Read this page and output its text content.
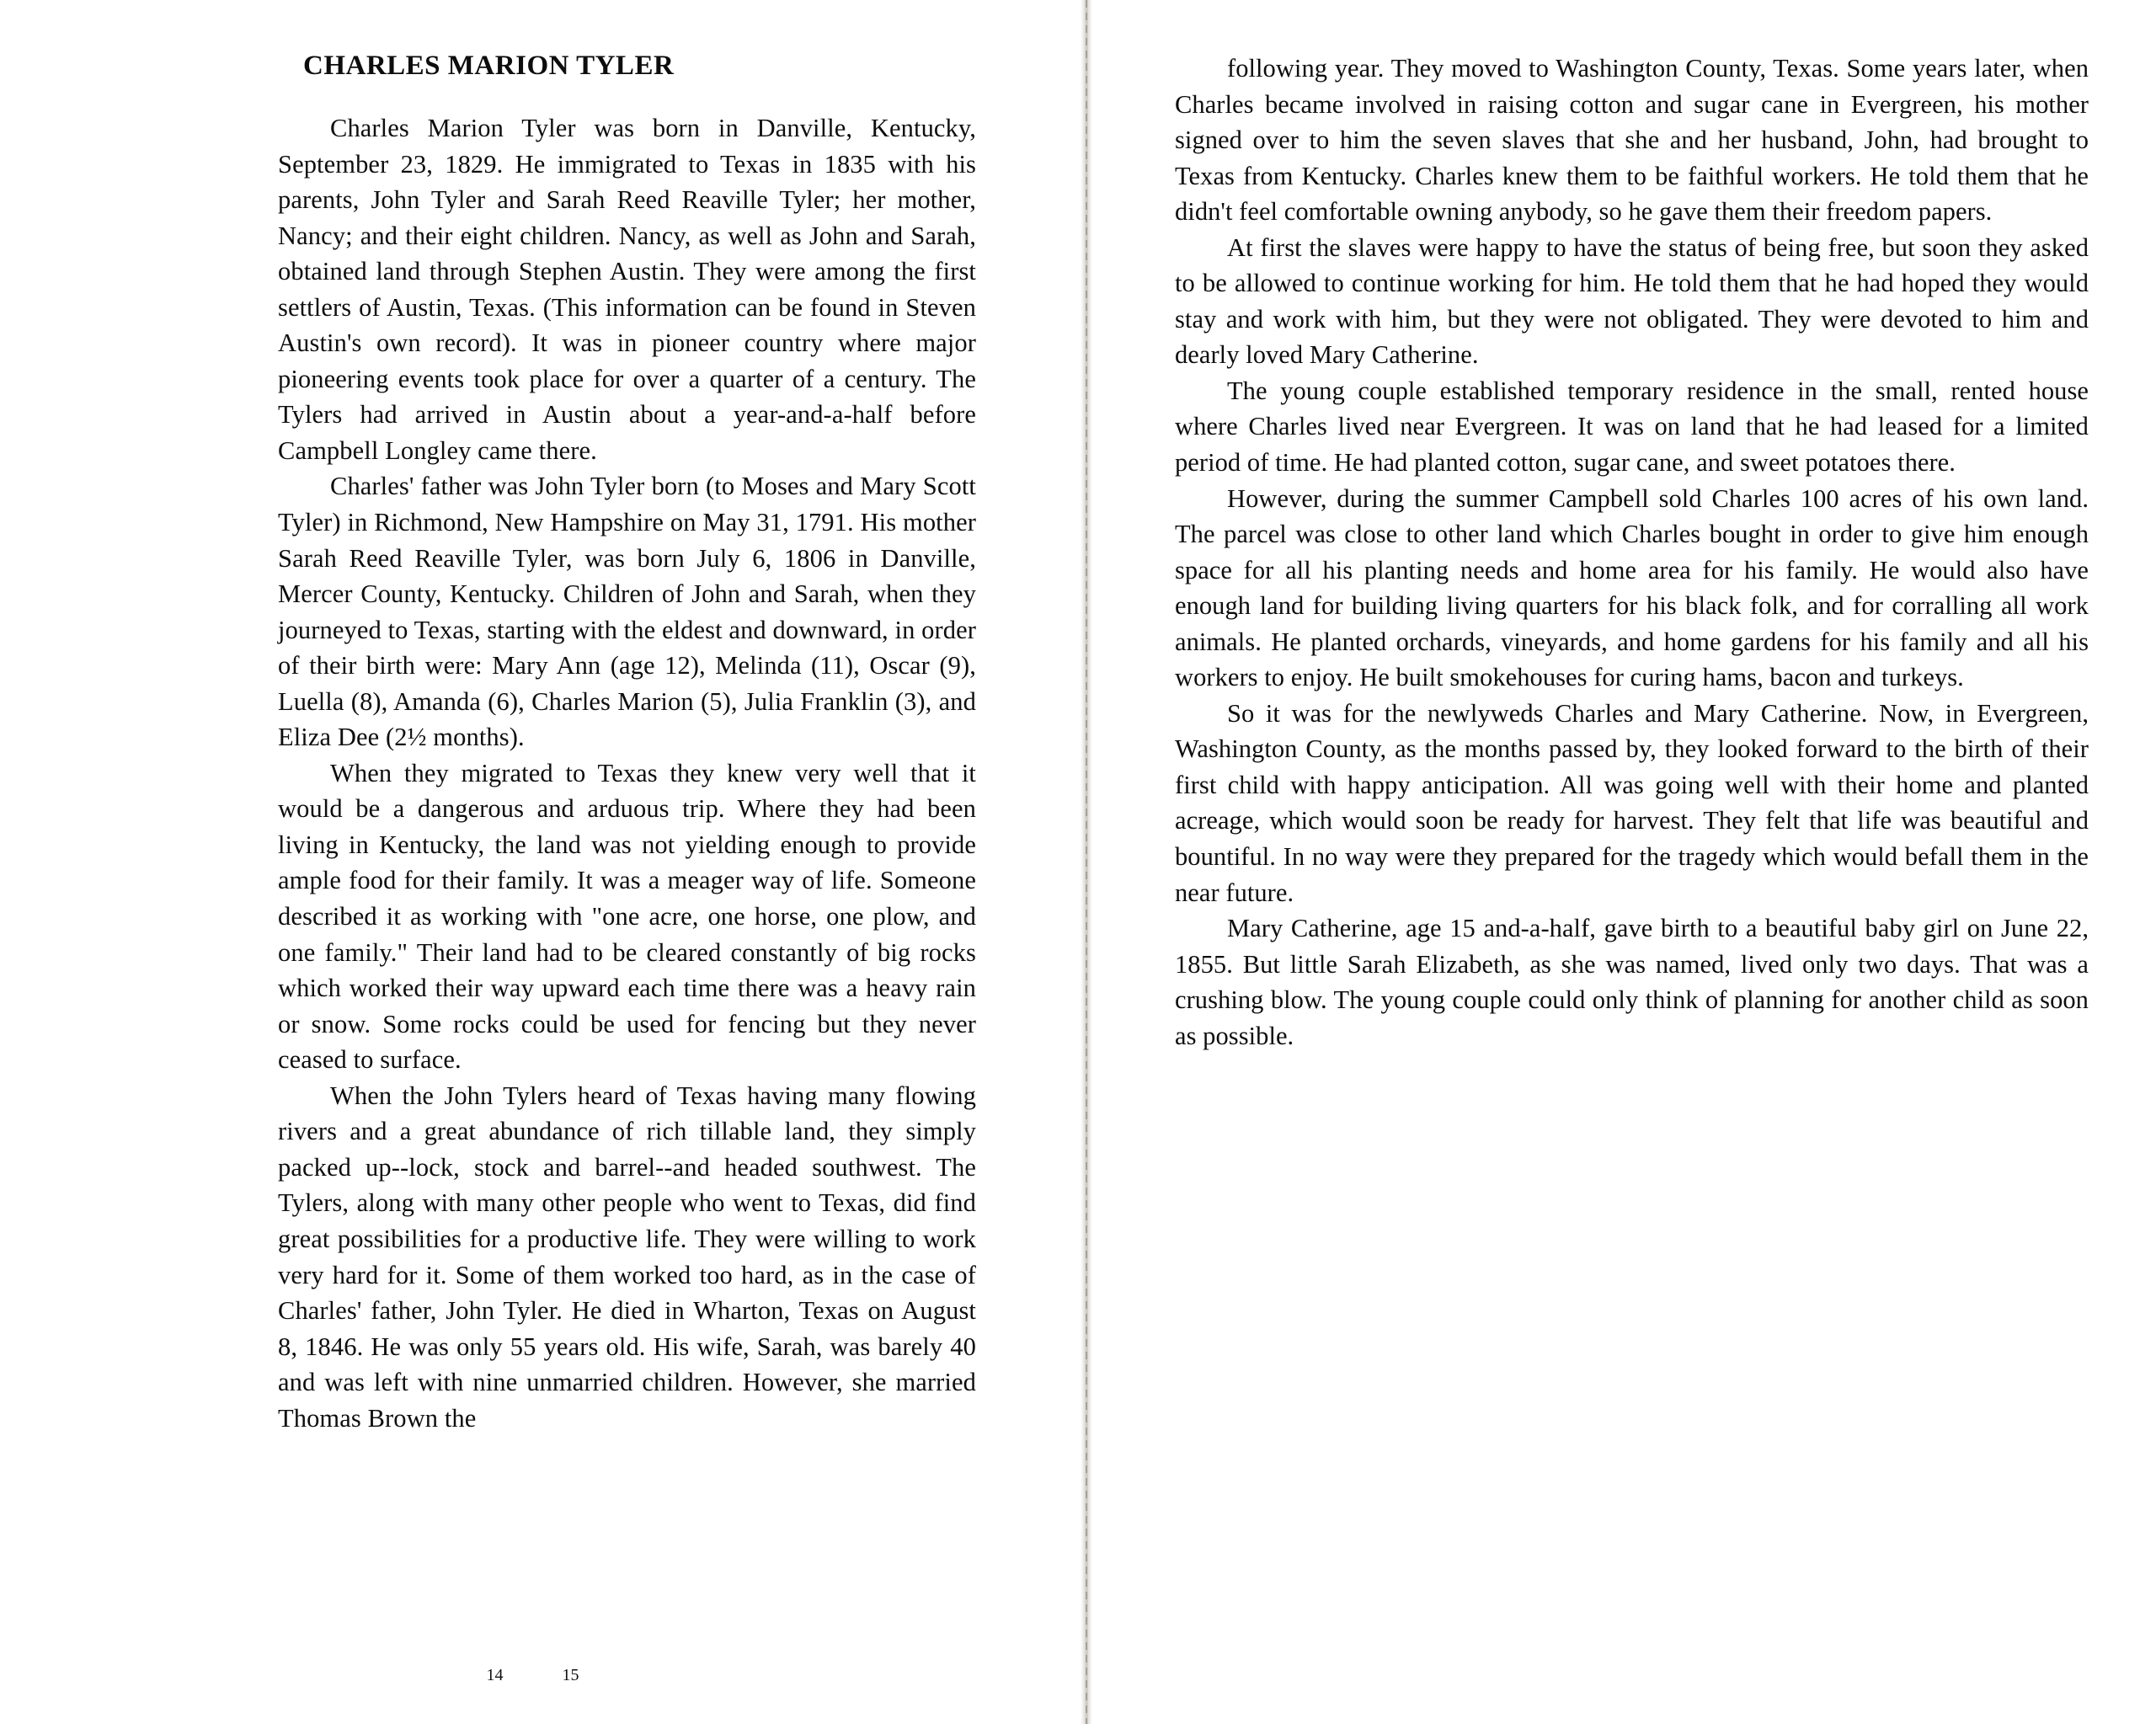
CHARLES MARION TYLER

Charles Marion Tyler was born in Danville, Kentucky, September 23, 1829. He immigrated to Texas in 1835 with his parents, John Tyler and Sarah Reed Reaville Tyler; her mother, Nancy; and their eight children. Nancy, as well as John and Sarah, obtained land through Stephen Austin. They were among the first settlers of Austin, Texas. (This information can be found in Steven Austin's own record). It was in pioneer country where major pioneering events took place for over a quarter of a century. The Tylers had arrived in Austin about a year-and-a-half before Campbell Longley came there.

Charles' father was John Tyler born (to Moses and Mary Scott Tyler) in Richmond, New Hampshire on May 31, 1791. His mother Sarah Reed Reaville Tyler, was born July 6, 1806 in Danville, Mercer County, Kentucky. Children of John and Sarah, when they journeyed to Texas, starting with the eldest and downward, in order of their birth were: Mary Ann (age 12), Melinda (11), Oscar (9), Luella (8), Amanda (6), Charles Marion (5), Julia Franklin (3), and Eliza Dee (2½ months).

When they migrated to Texas they knew very well that it would be a dangerous and arduous trip. Where they had been living in Kentucky, the land was not yielding enough to provide ample food for their family. It was a meager way of life. Someone described it as working with "one acre, one horse, one plow, and one family." Their land had to be cleared constantly of big rocks which worked their way upward each time there was a heavy rain or snow. Some rocks could be used for fencing but they never ceased to surface.

When the John Tylers heard of Texas having many flowing rivers and a great abundance of rich tillable land, they simply packed up--lock, stock and barrel--and headed southwest. The Tylers, along with many other people who went to Texas, did find great possibilities for a productive life. They were willing to work very hard for it. Some of them worked too hard, as in the case of Charles' father, John Tyler. He died in Wharton, Texas on August 8, 1846. He was only 55 years old. His wife, Sarah, was barely 40 and was left with nine unmarried children. However, she married Thomas Brown the

following year. They moved to Washington County, Texas. Some years later, when Charles became involved in raising cotton and sugar cane in Evergreen, his mother signed over to him the seven slaves that she and her husband, John, had brought to Texas from Kentucky. Charles knew them to be faithful workers. He told them that he didn't feel comfortable owning anybody, so he gave them their freedom papers.

At first the slaves were happy to have the status of being free, but soon they asked to be allowed to continue working for him. He told them that he had hoped they would stay and work with him, but they were not obligated. They were devoted to him and dearly loved Mary Catherine.

The young couple established temporary residence in the small, rented house where Charles lived near Evergreen. It was on land that he had leased for a limited period of time. He had planted cotton, sugar cane, and sweet potatoes there.

However, during the summer Campbell sold Charles 100 acres of his own land. The parcel was close to other land which Charles bought in order to give him enough space for all his planting needs and home area for his family. He would also have enough land for building living quarters for his black folk, and for corralling all work animals. He planted orchards, vineyards, and home gardens for his family and all his workers to enjoy. He built smokehouses for curing hams, bacon and turkeys.

So it was for the newlyweds Charles and Mary Catherine. Now, in Evergreen, Washington County, as the months passed by, they looked forward to the birth of their first child with happy anticipation. All was going well with their home and planted acreage, which would soon be ready for harvest. They felt that life was beautiful and bountiful. In no way were they prepared for the tragedy which would befall them in the near future.

Mary Catherine, age 15 and-a-half, gave birth to a beautiful baby girl on June 22, 1855. But little Sarah Elizabeth, as she was named, lived only two days. That was a crushing blow. The young couple could only think of planning for another child as soon as possible.

14	15
